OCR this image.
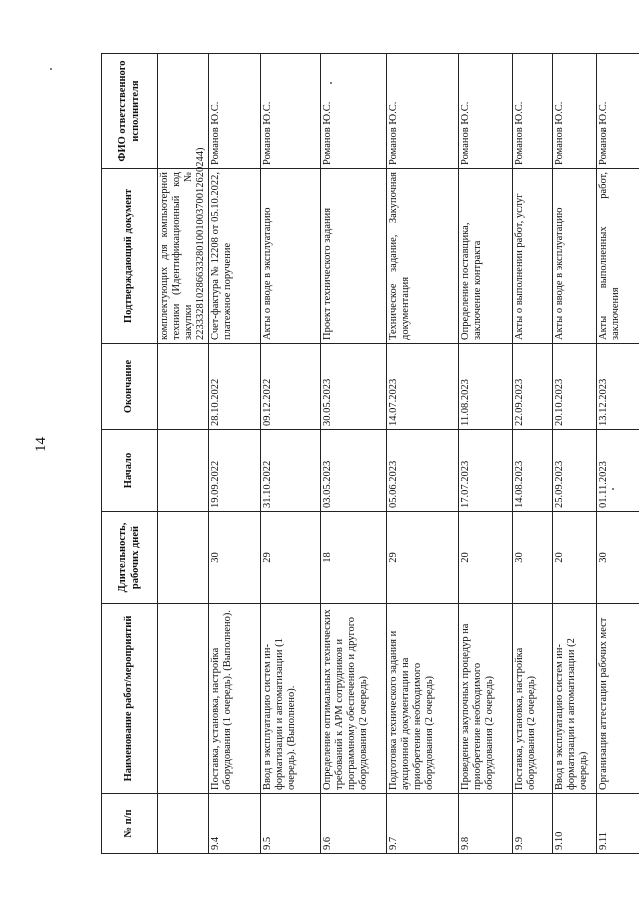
14
№ п/п	Наименование работ/мероприятий	Длительность, рабочих дней	Начало	Окончание	Подтверждающий документ	ФИО ответственного исполнителя
					комплектующих для компьютерной техники (Идентификационный код закупки № 223332810286633280100100370012620244)	
9.4	Поставка, установка, настройка оборудования (1 очередь). (Выполнено).	30	19.09.2022	28.10.2022	Счет-фактура № 12208 от 05.10.2022, платежное поручение	Романов Ю.С.
9.5	Ввод в эксплуатацию систем ин-форматизации и автоматизации (1 очередь). (Выполнено).	29	31.10.2022	09.12.2022	Акты о вводе в эксплуатацию	Романов Ю.С.
9.6	Определение оптимальных технических требований к АРМ сотрудников и программному обеспечению и другого оборудования (2 очередь)	18	03.05.2023	30.05.2023	Проект технического задания	Романов Ю.С.
9.7	Подготовка технического задания и аукционной документации на приобретение необходимого оборудования (2 очередь)	29	05.06.2023	14.07.2023	Техническое задание, Закупочная документация	Романов Ю.С.
9.8	Проведение закупочных процедур на приобретение необходимого оборудования (2 очередь)	20	17.07.2023	11.08.2023	Определение поставщика, заключение контракта	Романов Ю.С.
9.9	Поставка, установка, настройка оборудования (2 очередь)	30	14.08.2023	22.09.2023	Акты о выполнении работ, услуг	Романов Ю.С.
9.10	Ввод в эксплуатацию систем ин-форматизации и автоматизации (2 очередь)	20	25.09.2023	20.10.2023	Акты о вводе в эксплуатацию	Романов Ю.С.
9.11	Организация аттестации рабочих мест	30	01.11.2023	13.12.2023	Акты выполненных работ, заключения	Романов Ю.С.
